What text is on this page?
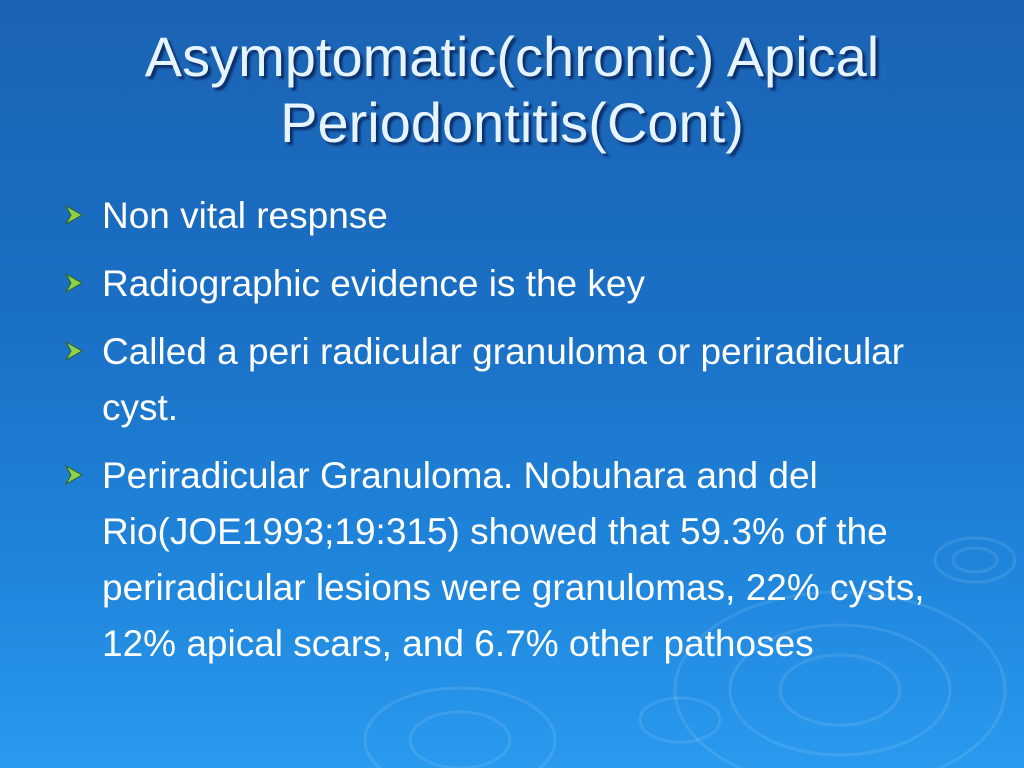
Asymptomatic(chronic) Apical
Periodontitis(Cont)
Non vital respnse
Radiographic evidence is the key
Called a peri radicular granuloma or periradicular cyst.
Periradicular Granuloma. Nobuhara and del Rio(JOE1993;19:315) showed that 59.3% of the periradicular lesions were granulomas, 22% cysts, 12% apical scars, and 6.7% other pathoses
